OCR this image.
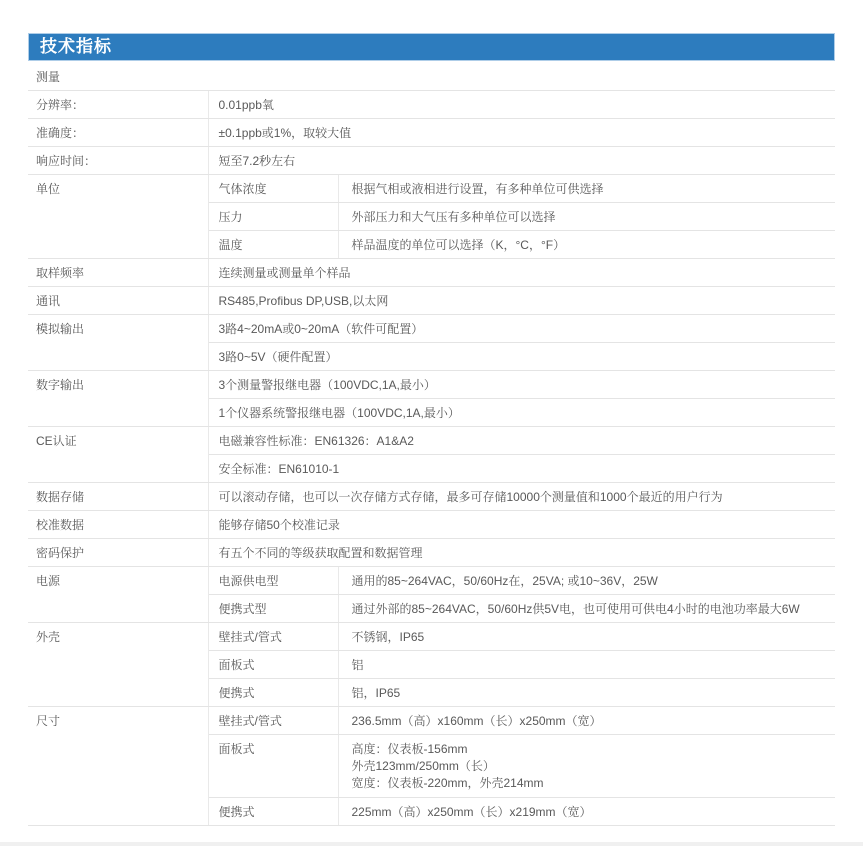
技术指标
测量		
分辨率：	0.01ppb氧	
准确度：	±0.1ppb或1%，取较大值	
响应时间：	短至7.2秒左右	
单位	气体浓度	根据气相或液相进行设置，有多种单位可供选择
	压力	外部压力和大气压有多种单位可以选择
	温度	样品温度的单位可以选择（K，°C，°F）
取样频率	连续测量或测量单个样品	
通讯	RS485,Profibus DP,USB,以太网	
模拟输出	3路4~20mA或0~20mA（软件可配置）	
	3路0~5V（硬件配置）	
数字输出	3个测量警报继电器（100VDC,1A,最小）	
	1个仪器系统警报继电器（100VDC,1A,最小）	
CE认证	电磁兼容性标准：EN61326：A1&A2	
	安全标准：EN61010-1	
数据存储	可以滚动存储，也可以一次存储方式存储，最多可存储10000个测量值和1000个最近的用户行为	
校准数据	能够存储50个校准记录	
密码保护	有五个不同的等级获取配置和数据管理	
电源	电源供电型	通用的85~264VAC，50/60Hz在，25VA; 或10~36V，25W
	便携式型	通过外部的85~264VAC，50/60Hz供5V电，也可使用可供电4小时的电池功率最大6W
外壳	壁挂式/管式	不锈钢，IP65
	面板式	铝
	便携式	铝，IP65
尺寸	壁挂式/管式	236.5mm（高）x160mm（长）x250mm（宽）
	面板式	高度：仪表板-156mm
外壳123mm/250mm（长）
宽度：仪表板-220mm，外壳214mm

	便携式	225mm（高）x250mm（长）x219mm（宽）
